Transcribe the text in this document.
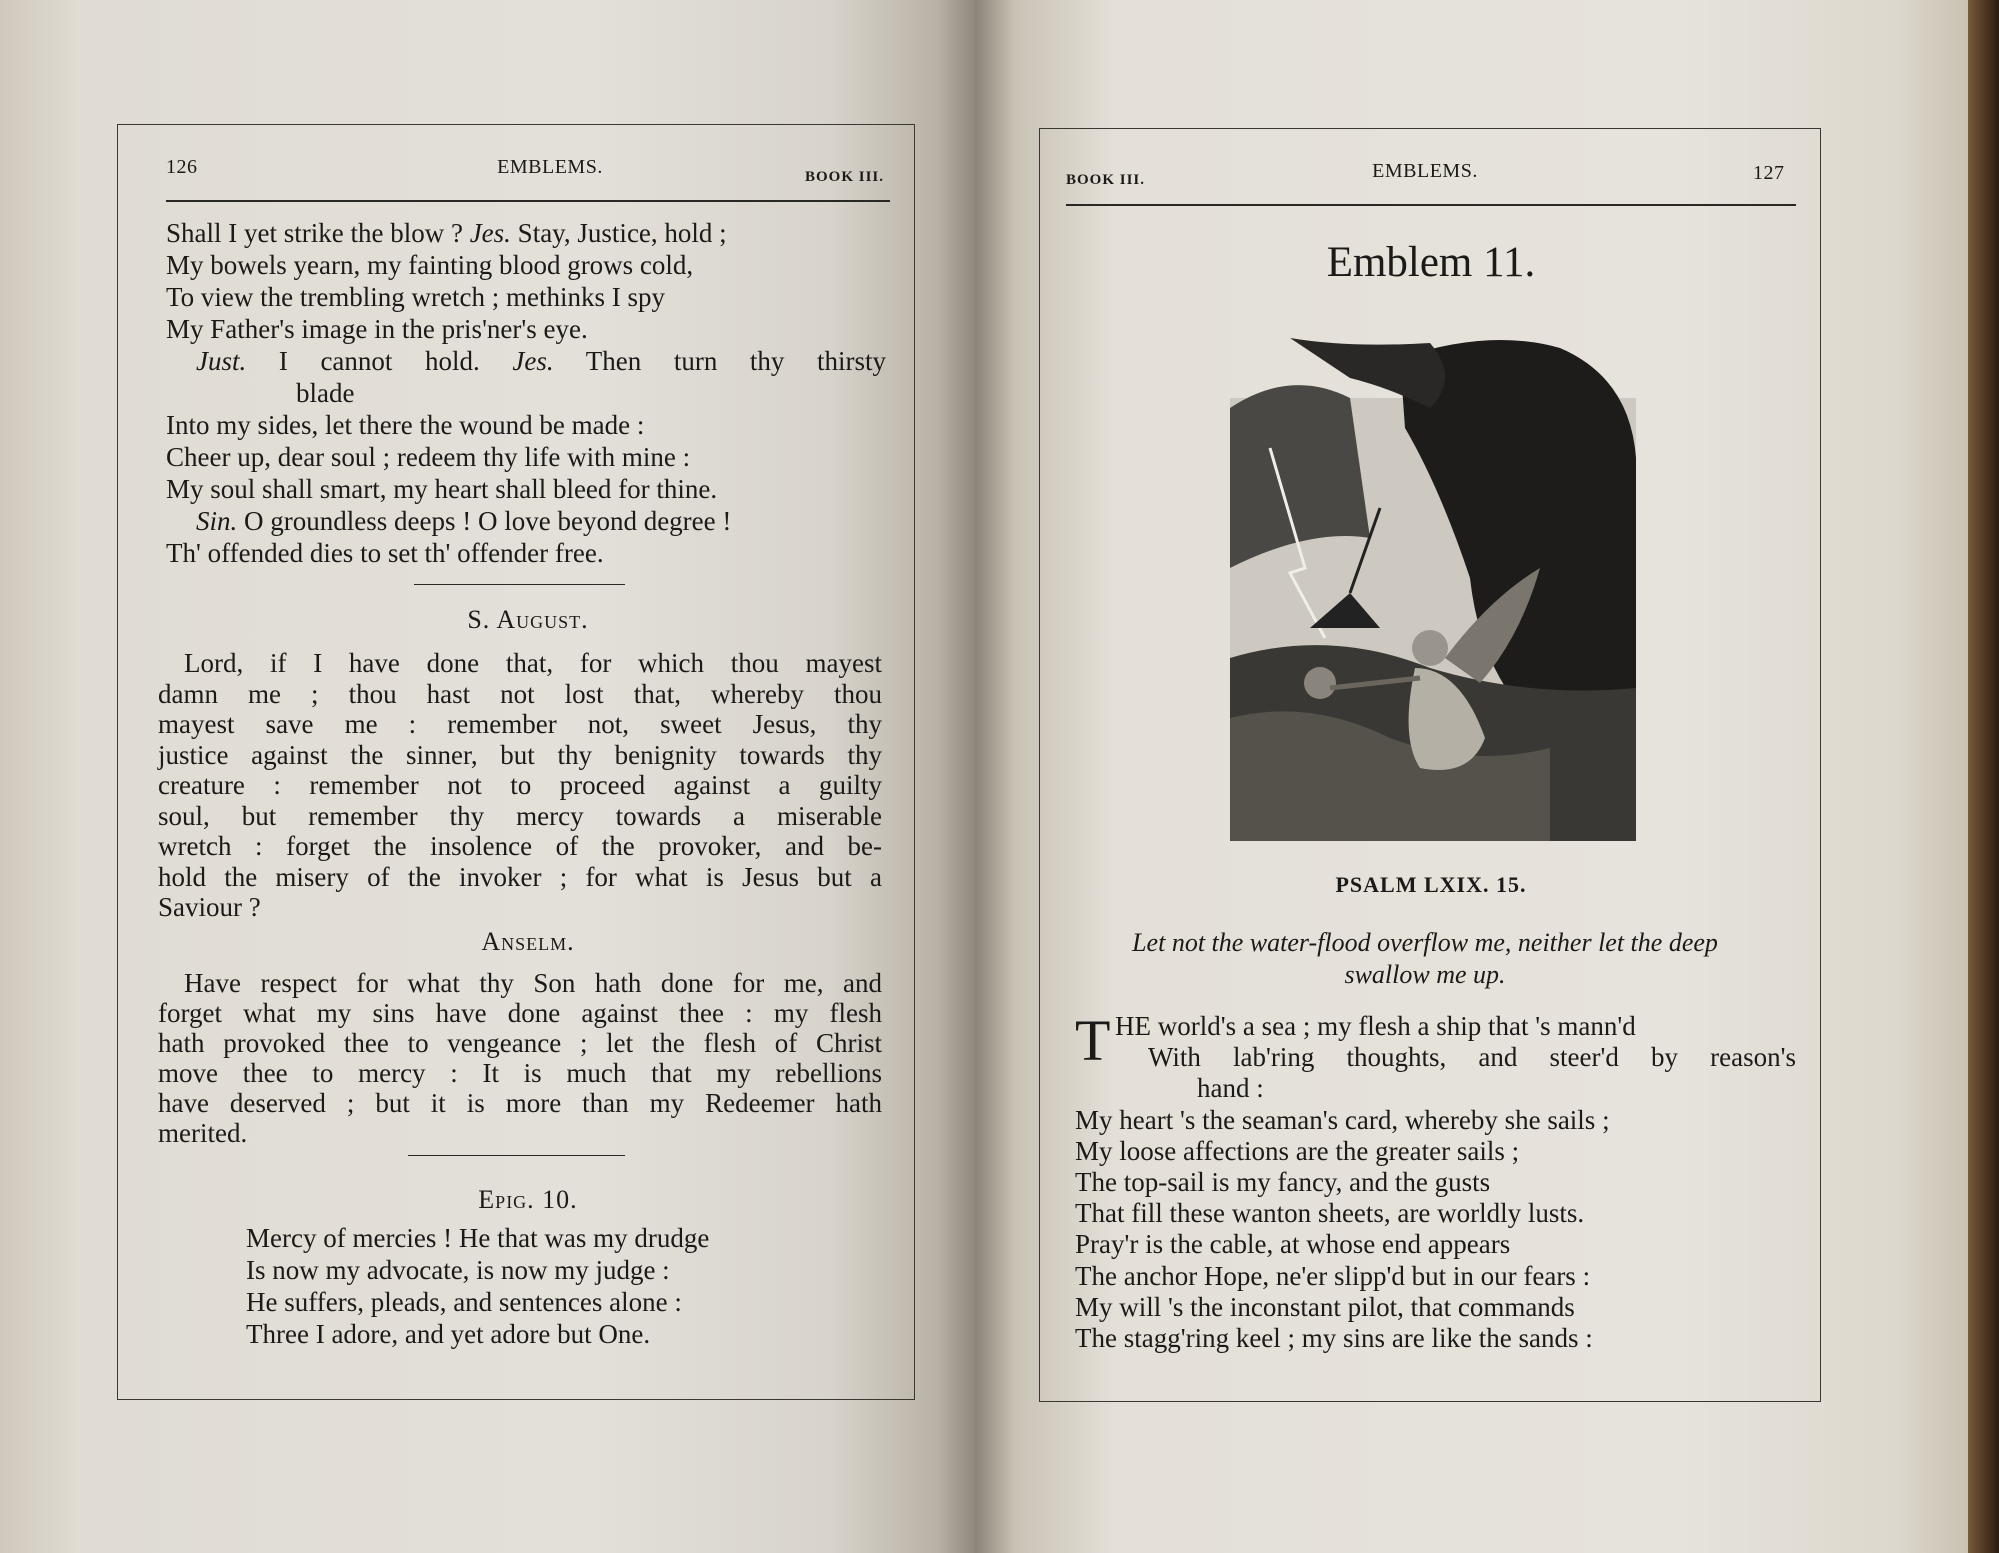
126	EMBLEMS.	BOOK III.
Shall I yet strike the blow ? Jes. Stay, Justice, hold ;
My bowels yearn, my fainting blood grows cold,
To view the trembling wretch ; methinks I spy
My Father's image in the pris'ner's eye.
Just. I cannot hold. Jes. Then turn thy thirsty
blade
Into my sides, let there the wound be made :
Cheer up, dear soul ; redeem thy life with mine :
My soul shall smart, my heart shall bleed for thine.
Sin. O groundless deeps ! O love beyond degree !
Th' offended dies to set th' offender free.
S. August.
Lord, if I have done that, for which thou mayest
damn me ; thou hast not lost that, whereby thou
mayest save me : remember not, sweet Jesus, thy
justice against the sinner, but thy benignity towards thy
creature : remember not to proceed against a guilty
soul, but remember thy mercy towards a miserable
wretch : forget the insolence of the provoker, and be-
hold the misery of the invoker ; for what is Jesus but a
Saviour ?
Anselm.
Have respect for what thy Son hath done for me, and
forget what my sins have done against thee : my flesh
hath provoked thee to vengeance ; let the flesh of Christ
move thee to mercy : It is much that my rebellions
have deserved ; but it is more than my Redeemer hath
merited.
Epig. 10.
Mercy of mercies ! He that was my drudge
Is now my advocate, is now my judge :
He suffers, pleads, and sentences alone :
Three I adore, and yet adore but One.
BOOK III.	EMBLEMS.	127
Emblem 11.
PSALM LXIX. 15.
Let not the water-flood overflow me, neither let the deep
swallow me up.
T HE world's a sea ; my flesh a ship that 's mann'd
With lab'ring thoughts, and steer'd by reason's
hand :
My heart 's the seaman's card, whereby she sails ;
My loose affections are the greater sails ;
The top-sail is my fancy, and the gusts
That fill these wanton sheets, are worldly lusts.
Pray'r is the cable, at whose end appears
The anchor Hope, ne'er slipp'd but in our fears :
My will 's the inconstant pilot, that commands
The stagg'ring keel ; my sins are like the sands :
